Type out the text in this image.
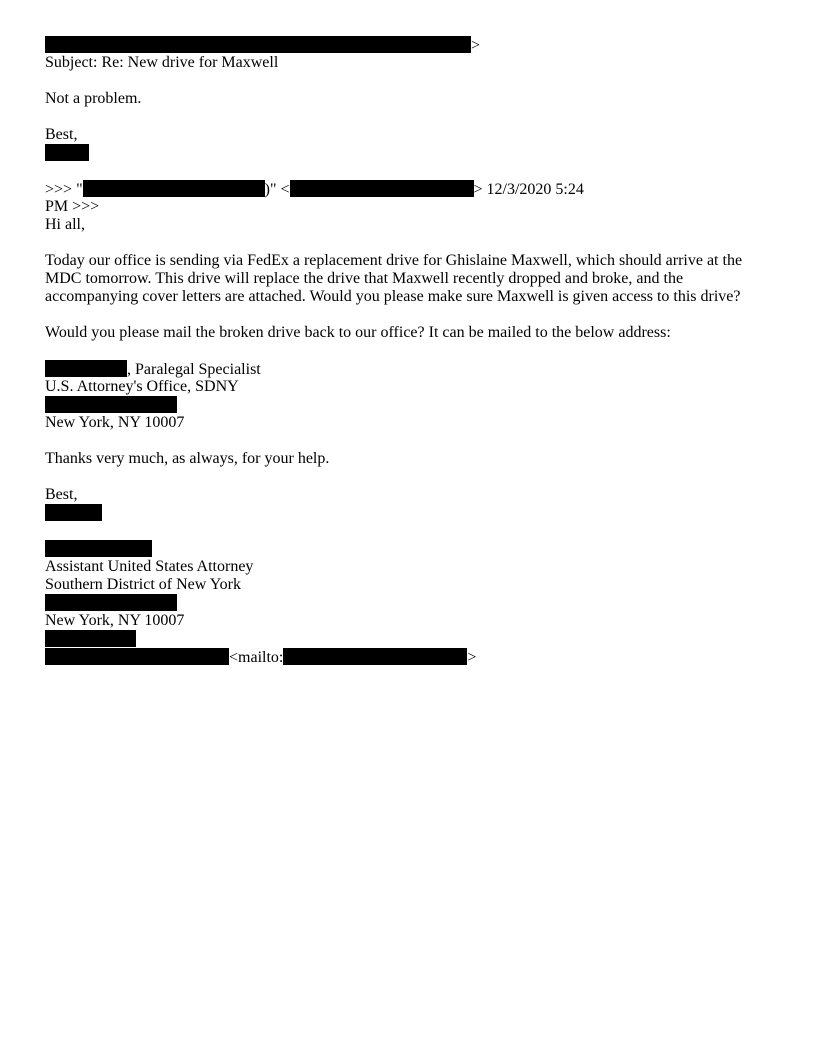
>
Subject: Re: New drive for Maxwell
Not a problem.
Best,
>>> "	)" <	> 12/3/2020 5:24
PM >>>
Hi all,
Today our office is sending via FedEx a replacement drive for Ghislaine Maxwell, which should arrive at the
MDC tomorrow. This drive will replace the drive that Maxwell recently dropped and broke, and the
accompanying cover letters are attached. Would you please make sure Maxwell is given access to this drive?
Would you please mail the broken drive back to our office? It can be mailed to the below address:
, Paralegal Specialist
U.S. Attorney's Office, SDNY
New York, NY 10007
Thanks very much, as always, for your help.
Best,
Assistant United States Attorney
Southern District of New York
New York, NY 10007
<mailto:	>
